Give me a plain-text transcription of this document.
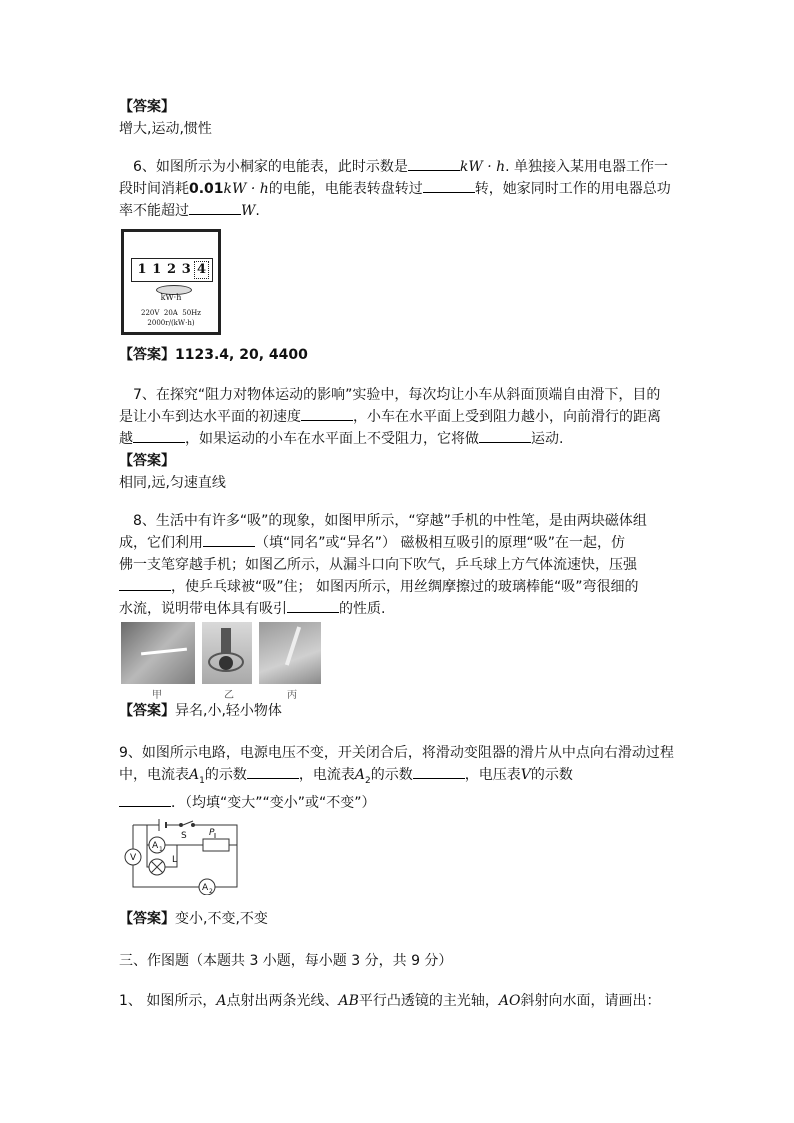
【答案】
增大,运动,惯性
6、如图所示为小桐家的电能表，此时示数是	kW · h. 单独接入某用电器工作一
段时间消耗0.01kW · h的电能，电能表转盘转过	转，她家同时工作的用电器总功
率不能超过	W.
1 1 2 3 4
kW·h
220V  20A  50Hz
2000r/(kW·h)
【答案】1123.4, 20, 4400
7、在探究“阻力对物体运动的影响”实验中，每次均让小车从斜面顶端自由滑下，目的
是让小车到达水平面的初速度	，小车在水平面上受到阻力越小，向前滑行的距离
越	，如果运动的小车在水平面上不受阻力，它将做	运动.
【答案】
相同,远,匀速直线
8、生活中有许多“吸”的现象，如图甲所示，“穿越”手机的中性笔，是由两块磁体组
成，它们利用	（填“同名”或“异名”） 磁极相互吸引的原理“吸”在一起，仿
佛一支笔穿越手机；如图乙所示，从漏斗口向下吹气，乒乓球上方气体流速快，压强
，使乒乓球被“吸”住； 如图丙所示，用丝绸摩擦过的玻璃棒能“吸”弯很细的
水流，说明带电体具有吸引	的性质.
甲	乙	丙
【答案】异名,小,轻小物体
9、如图所示电路，电源电压不变，开关闭合后，将滑动变阻器的滑片从中点向右滑动过程
中，电流表$A_1$的示数	，电流表$A_2$的示数	，电压表V的示数
．（均填“变大”“变小”或“不变”）
S P
L
V
A 1
A 2
【答案】变小,不变,不变
三、作图题（本题共 3 小题，每小题 3 分，共 9 分）
1、 如图所示，A点射出两条光线、AB平行凸透镜的主光轴，AO斜射向水面，请画出：
